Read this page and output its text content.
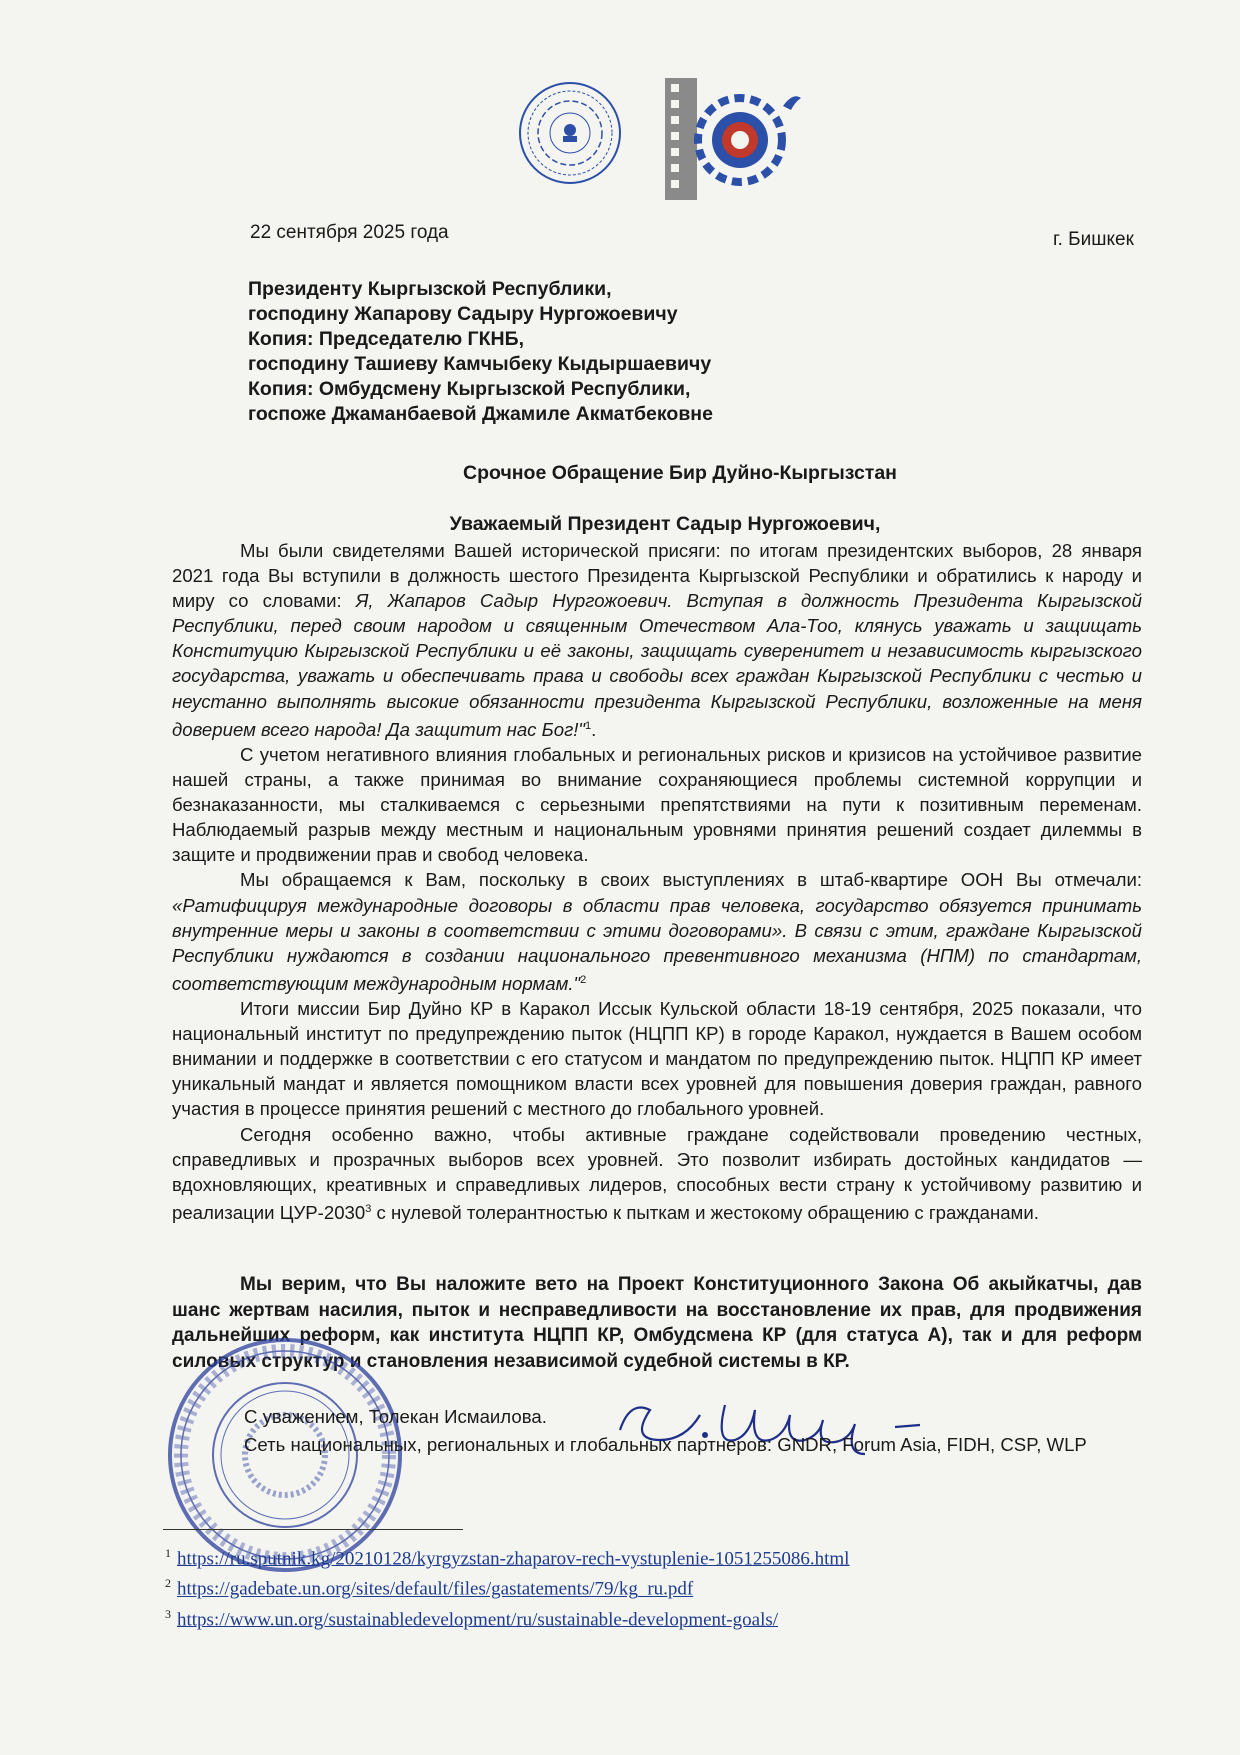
22 сентября 2025 года	г. Бишкек
Президенту Кыргызской Республики,
господину Жапарову Садыру Нургожоевичу
Копия: Председателю ГКНБ,
господину Ташиеву Камчыбеку Кыдыршаевичу
Копия: Омбудсмену Кыргызской Республики,
госпоже Джаманбаевой Джамиле Акматбековне
Срочное Обращение Бир Дуйно-Кыргызстан
Уважаемый Президент Садыр Нургожоевич,

Мы были свидетелями Вашей исторической присяги: по итогам президентских выборов, 28 января 2021 года Вы вступили в должность шестого Президента Кыргызской Республики и обратились к народу и миру со словами: Я, Жапаров Садыр Нургожоевич. Вступая в должность Президента Кыргызской Республики, перед своим народом и священным Отечеством Ала-Тоо, клянусь уважать и защищать Конституцию Кыргызской Республики и её законы, защищать суверенитет и независимость кыргызского государства, уважать и обеспечивать права и свободы всех граждан Кыргызской Республики с честью и неустанно выполнять высокие обязанности президента Кыргызской Республики, возложенные на меня доверием всего народа! Да защитит нас Бог!"$^1$.

С учетом негативного влияния глобальных и региональных рисков и кризисов на устойчивое развитие нашей страны, а также принимая во внимание сохраняющиеся проблемы системной коррупции и безнаказанности, мы сталкиваемся с серьезными препятствиями на пути к позитивным переменам. Наблюдаемый разрыв между местным и национальным уровнями принятия решений создает дилеммы в защите и продвижении прав и свобод человека.

Мы обращаемся к Вам, поскольку в своих выступлениях в штаб-квартире ООН Вы отмечали: «Ратифицируя международные договоры в области прав человека, государство обязуется принимать внутренние меры и законы в соответствии с этими договорами». В связи с этим, граждане Кыргызской Республики нуждаются в создании национального превентивного механизма (НПМ) по стандартам, соответствующим международным нормам."$^2$

Итоги миссии Бир Дуйно КР в Каракол Иссык Кульской области 18-19 сентября, 2025 показали, что национальный институт по предупреждению пыток (НЦПП КР) в городе Каракол, нуждается в Вашем особом внимании и поддержке в соответствии с его статусом и мандатом по предупреждению пыток. НЦПП КР имеет уникальный мандат и является помощником власти всех уровней для повышения доверия граждан, равного участия в процессе принятия решений с местного до глобального уровней.

Сегодня особенно важно, чтобы активные граждане содействовали проведению честных, справедливых и прозрачных выборов всех уровней. Это позволит избирать достойных кандидатов — вдохновляющих, креативных и справедливых лидеров, способных вести страну к устойчивому развитию и реализации ЦУР-2030$^3$ с нулевой толерантностью к пыткам и жестокому обращению с гражданами.

Мы верим, что Вы наложите вето на Проект Конституционного Закона Об акыйкатчы, дав шанс жертвам насилия, пыток и несправедливости на восстановление их прав, для продвижения дальнейших реформ, как института НЦПП КР, Омбудсмена КР (для статуса А), так и для реформ силовых структур и становления независимой судебной системы в КР.
С уважением, Толекан Исмаилова.
Сеть национальных, региональных и глобальных партнеров: GNDR, Forum Asia, FIDH, CSP, WLP
$^1$ https://ru.sputnik.kg/20210128/kyrgyzstan-zhaparov-rech-vystuplenie-1051255086.html
$^2$ https://gadebate.un.org/sites/default/files/gastatements/79/kg_ru.pdf
$^3$ https://www.un.org/sustainabledevelopment/ru/sustainable-development-goals/
